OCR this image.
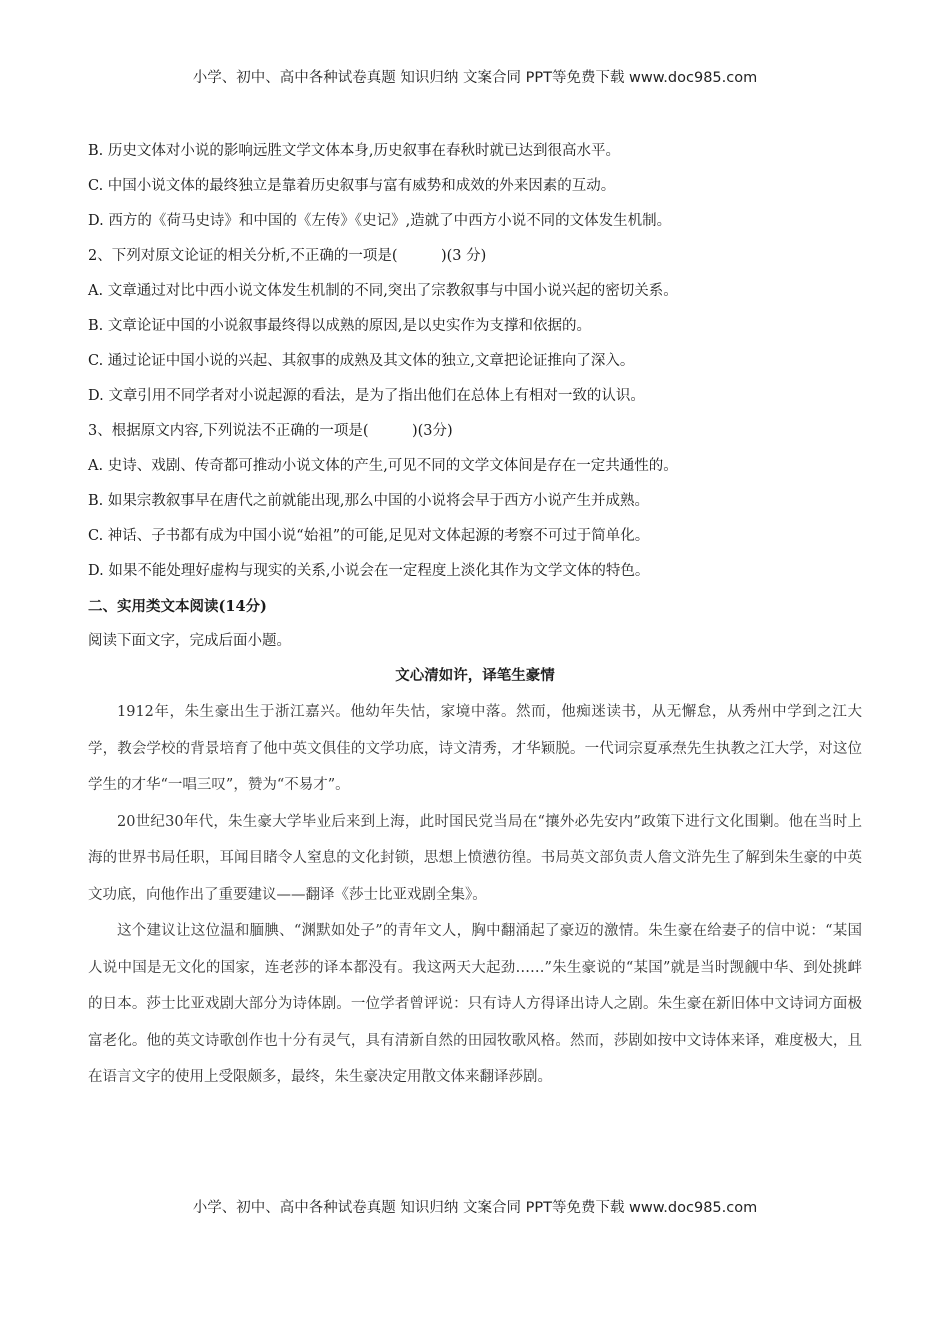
小学、初中、高中各种试卷真题 知识归纳 文案合同 PPT等免费下载 www.doc985.com
B. 历史文体对小说的影响远胜文学文体本身,历史叙事在春秋时就已达到很高水平。
C. 中国小说文体的最终独立是靠着历史叙事与富有威势和成效的外来因素的互动。
D. 西方的《荷马史诗》和中国的《左传》《史记》,造就了中西方小说不同的文体发生机制。
2、下列对原文论证的相关分析,不正确的一项是(　　　)(3 分)
A. 文章通过对比中西小说文体发生机制的不同,突出了宗教叙事与中国小说兴起的密切关系。
B. 文章论证中国的小说叙事最终得以成熟的原因,是以史实作为支撑和依据的。
C. 通过论证中国小说的兴起、其叙事的成熟及其文体的独立,文章把论证推向了深入。
D. 文章引用不同学者对小说起源的看法，是为了指出他们在总体上有相对一致的认识。
3、根据原文内容,下列说法不正确的一项是(　　　)(3分)
A. 史诗、戏剧、传奇都可推动小说文体的产生,可见不同的文学文体间是存在一定共通性的。
B. 如果宗教叙事早在唐代之前就能出现,那么中国的小说将会早于西方小说产生并成熟。
C. 神话、子书都有成为中国小说“始祖”的可能,足见对文体起源的考察不可过于简单化。
D. 如果不能处理好虚构与现实的关系,小说会在一定程度上淡化其作为文学文体的特色。
二、实用类文本阅读(14分)
阅读下面文字，完成后面小题。
文心清如许，译笔生豪情

1912年，朱生豪出生于浙江嘉兴。他幼年失怙，家境中落。然而，他痴迷读书，从无懈怠，从秀州中学到之江大学，教会学校的背景培育了他中英文俱佳的文学功底，诗文清秀，才华颖脱。一代词宗夏承焘先生执教之江大学，对这位学生的才华“一唱三叹”，赞为“不易才”。

20世纪30年代，朱生豪大学毕业后来到上海，此时国民党当局在“攘外必先安内”政策下进行文化围剿。他在当时上海的世界书局任职，耳闻目睹令人窒息的文化封锁，思想上愤懑彷徨。书局英文部负责人詹文浒先生了解到朱生豪的中英文功底，向他作出了重要建议——翻译《莎士比亚戏剧全集》。

这个建议让这位温和腼腆、“渊默如处子”的青年文人，胸中翻涌起了豪迈的激情。朱生豪在给妻子的信中说：“某国人说中国是无文化的国家，连老莎的译本都没有。我这两天大起劲……”朱生豪说的“某国”就是当时觊觎中华、到处挑衅的日本。莎士比亚戏剧大部分为诗体剧。一位学者曾评说：只有诗人方得译出诗人之剧。朱生豪在新旧体中文诗词方面极富老化。他的英文诗歌创作也十分有灵气，具有清新自然的田园牧歌风格。然而，莎剧如按中文诗体来译，难度极大，且在语言文字的使用上受限颇多，最终，朱生豪决定用散文体来翻译莎剧。

小学、初中、高中各种试卷真题 知识归纳 文案合同 PPT等免费下载 www.doc985.com
